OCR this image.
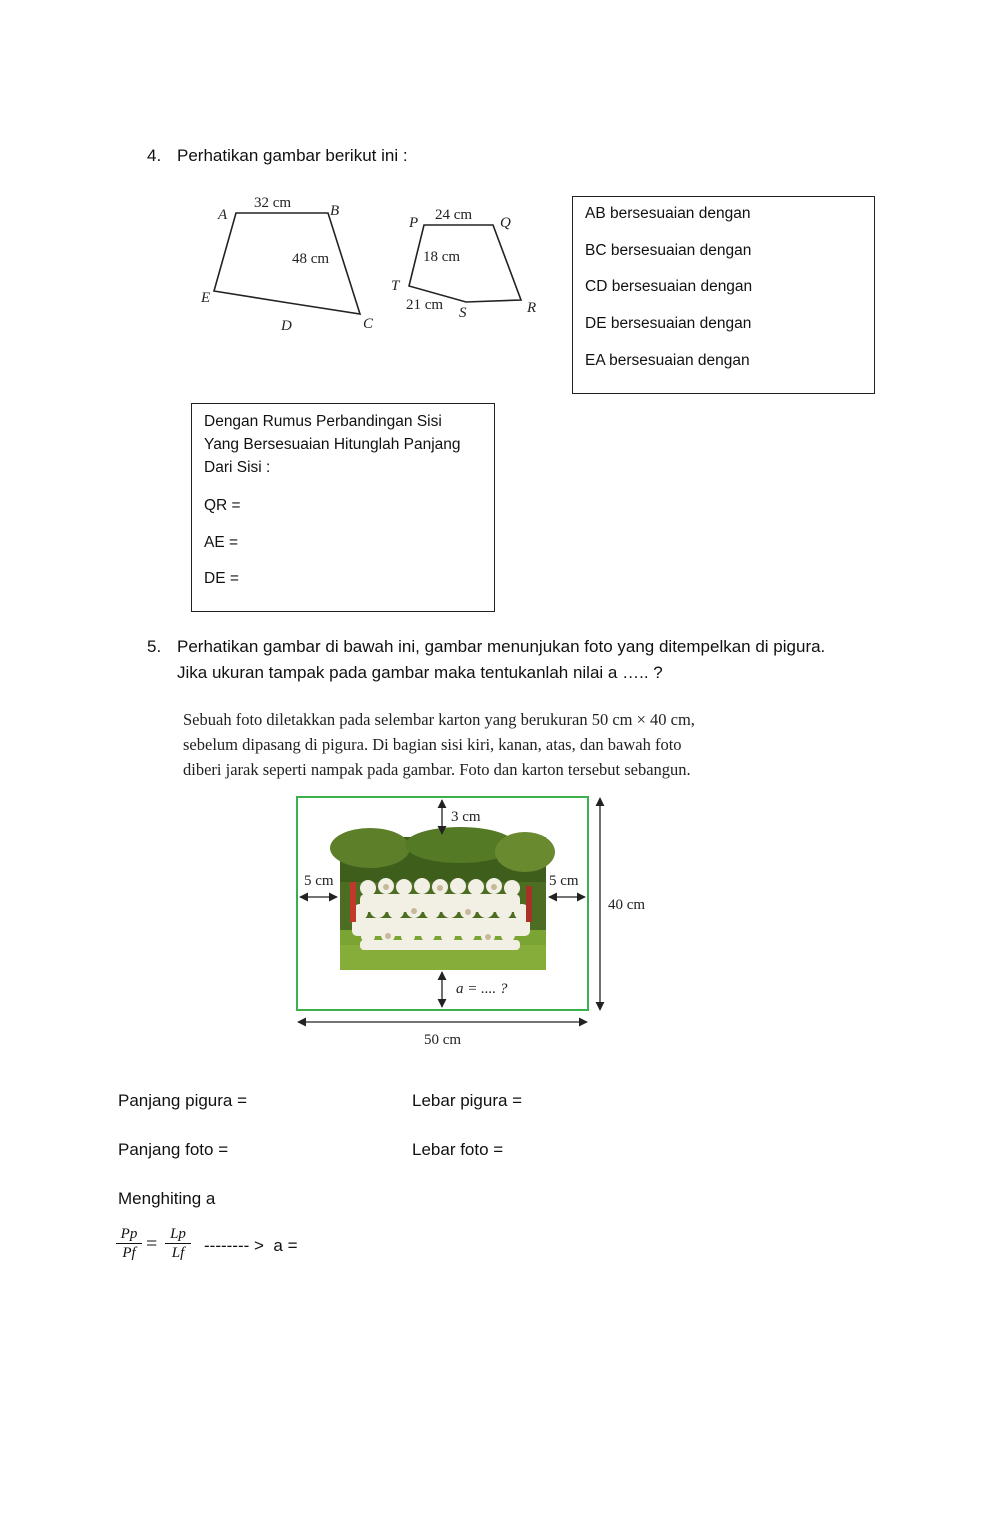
4. Perhatikan gambar berikut ini :
A	B
C
D
E
32 cm
48 cm
P	Q
R
S
T
24 cm
18 cm
21 cm
AB bersesuaian dengan
BC bersesuaian dengan
CD bersesuaian dengan
DE bersesuaian dengan
EA bersesuaian dengan
Dengan Rumus Perbandingan Sisi
Yang Bersesuaian Hitunglah Panjang
Dari Sisi :
QR =
AE =
DE =
5. Perhatikan gambar di bawah ini, gambar menunjukan foto yang ditempelkan di pigura.
Jika ukuran tampak pada gambar maka tentukanlah nilai a ….. ?
Sebuah foto diletakkan pada selembar karton yang berukuran 50 cm × 40 cm,
sebelum dipasang di pigura. Di bagian sisi kiri, kanan, atas, dan bawah foto
diberi jarak seperti nampak pada gambar. Foto dan karton tersebut sebangun.
3 cm
5 cm	5 cm
a = .... ?
40 cm
50 cm
Panjang pigura =	Lebar pigura =
Panjang foto =	Lebar foto =
Menghiting a
$\frac{Pp}{Pf} = \frac{Lp}{Lf}$ -------- >  a =
